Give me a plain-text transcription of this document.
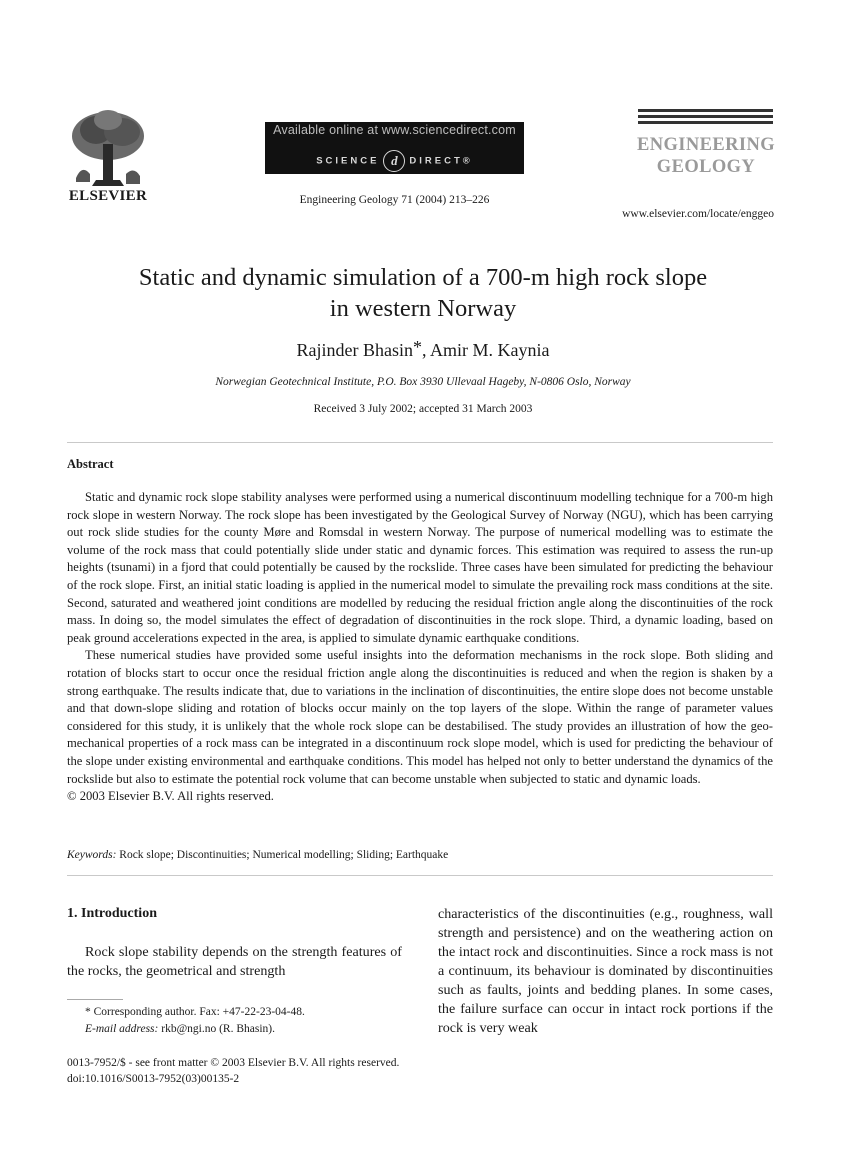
ELSEVIER
Available online at www.sciencedirect.com
SCIENCE d DIRECT®
Engineering Geology 71 (2004) 213–226
ENGINEERING
GEOLOGY
www.elsevier.com/locate/enggeo
Static and dynamic simulation of a 700-m high rock slope
in western Norway
Rajinder Bhasin*, Amir M. Kaynia
Norwegian Geotechnical Institute, P.O. Box 3930 Ullevaal Hageby, N-0806 Oslo, Norway
Received 3 July 2002; accepted 31 March 2003
Abstract

Static and dynamic rock slope stability analyses were performed using a numerical discontinuum modelling technique for a 700-m high rock slope in western Norway. The rock slope has been investigated by the Geological Survey of Norway (NGU), which has been carrying out rock slide studies for the county Møre and Romsdal in western Norway. The purpose of numerical modelling was to estimate the volume of the rock mass that could potentially slide under static and dynamic forces. This estimation was required to assess the run-up heights (tsunami) in a fjord that could potentially be caused by the rockslide. Three cases have been simulated for predicting the behaviour of the rock slope. First, an initial static loading is applied in the numerical model to simulate the prevailing rock mass conditions at the site. Second, saturated and weathered joint conditions are modelled by reducing the residual friction angle along the discontinuities of the rock mass. In doing so, the model simulates the effect of degradation of discontinuities in the rock slope. Third, a dynamic loading, based on peak ground accelerations expected in the area, is applied to simulate dynamic earthquake conditions.

These numerical studies have provided some useful insights into the deformation mechanisms in the rock slope. Both sliding and rotation of blocks start to occur once the residual friction angle along the discontinuities is reduced and when the region is shaken by a strong earthquake. The results indicate that, due to variations in the inclination of discontinuities, the entire slope does not become unstable and that down-slope sliding and rotation of blocks occur mainly on the top layers of the slope. Within the range of parameter values considered for this study, it is unlikely that the whole rock slope can be destabilised. The study provides an illustration of how the geo-mechanical properties of a rock mass can be integrated in a discontinuum rock slope model, which is used for predicting the behaviour of the slope under existing environmental and earthquake conditions. This model has helped not only to better understand the dynamics of the rockslide but also to estimate the potential rock volume that can become unstable when subjected to static and dynamic loads.

© 2003 Elsevier B.V. All rights reserved.

Keywords: Rock slope; Discontinuities; Numerical modelling; Sliding; Earthquake
1. Introduction

Rock slope stability depends on the strength features of the rocks, the geometrical and strength

characteristics of the discontinuities (e.g., roughness, wall strength and persistence) and on the weathering action on the intact rock and discontinuities. Since a rock mass is not a continuum, its behaviour is dominated by discontinuities such as faults, joints and bedding planes. In some cases, the failure surface can occur in intact rock portions if the rock is very weak

* Corresponding author. Fax: +47-22-23-04-48.
E-mail address: rkb@ngi.no (R. Bhasin).
0013-7952/$ - see front matter © 2003 Elsevier B.V. All rights reserved.
doi:10.1016/S0013-7952(03)00135-2
